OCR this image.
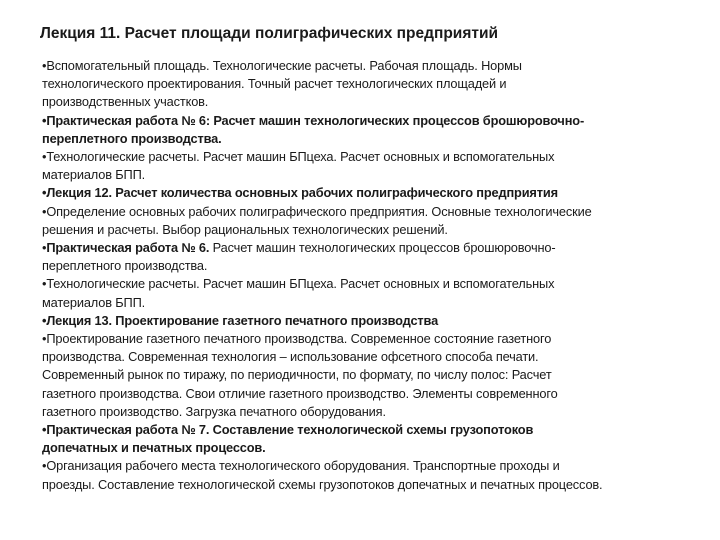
Лекция 11. Расчет площади полиграфических предприятий
•Вспомогательный площадь. Технологические расчеты. Рабочая площадь. Нормы
технологического проектирования. Точный расчет технологических площадей и
производственных участков.
•Практическая работа № 6: Расчет машин технологических процессов брошюровочно-
переплетного производства.
•Технологические расчеты. Расчет машин БПцеха. Расчет основных и вспомогательных
материалов БПП.
•Лекция 12. Расчет количества основных рабочих полиграфического предприятия
•Определение основных рабочих полиграфического предприятия. Основные технологические
решения и расчеты. Выбор рациональных технологических решений.
•Практическая работа № 6. Расчет машин технологических процессов брошюровочно-
переплетного производства.
•Технологические расчеты. Расчет машин БПцеха. Расчет основных и вспомогательных
материалов БПП.
•Лекция 13. Проектирование газетного печатного производства
•Проектирование газетного печатного производства. Современное состояние газетного
производства. Современная технология – использование офсетного способа печати.
Современный рынок по тиражу, по периодичности, по формату, по числу полос: Расчет
газетного производства. Свои отличие газетного производство. Элементы современного
газетного производство. Загрузка печатного оборудования.
•Практическая работа № 7. Составление технологической схемы грузопотоков
допечатных и печатных процессов.
•Организация рабочего места технологического оборудования. Транспортные проходы и
проезды. Составление технологической схемы грузопотоков допечатных и печатных процессов.
